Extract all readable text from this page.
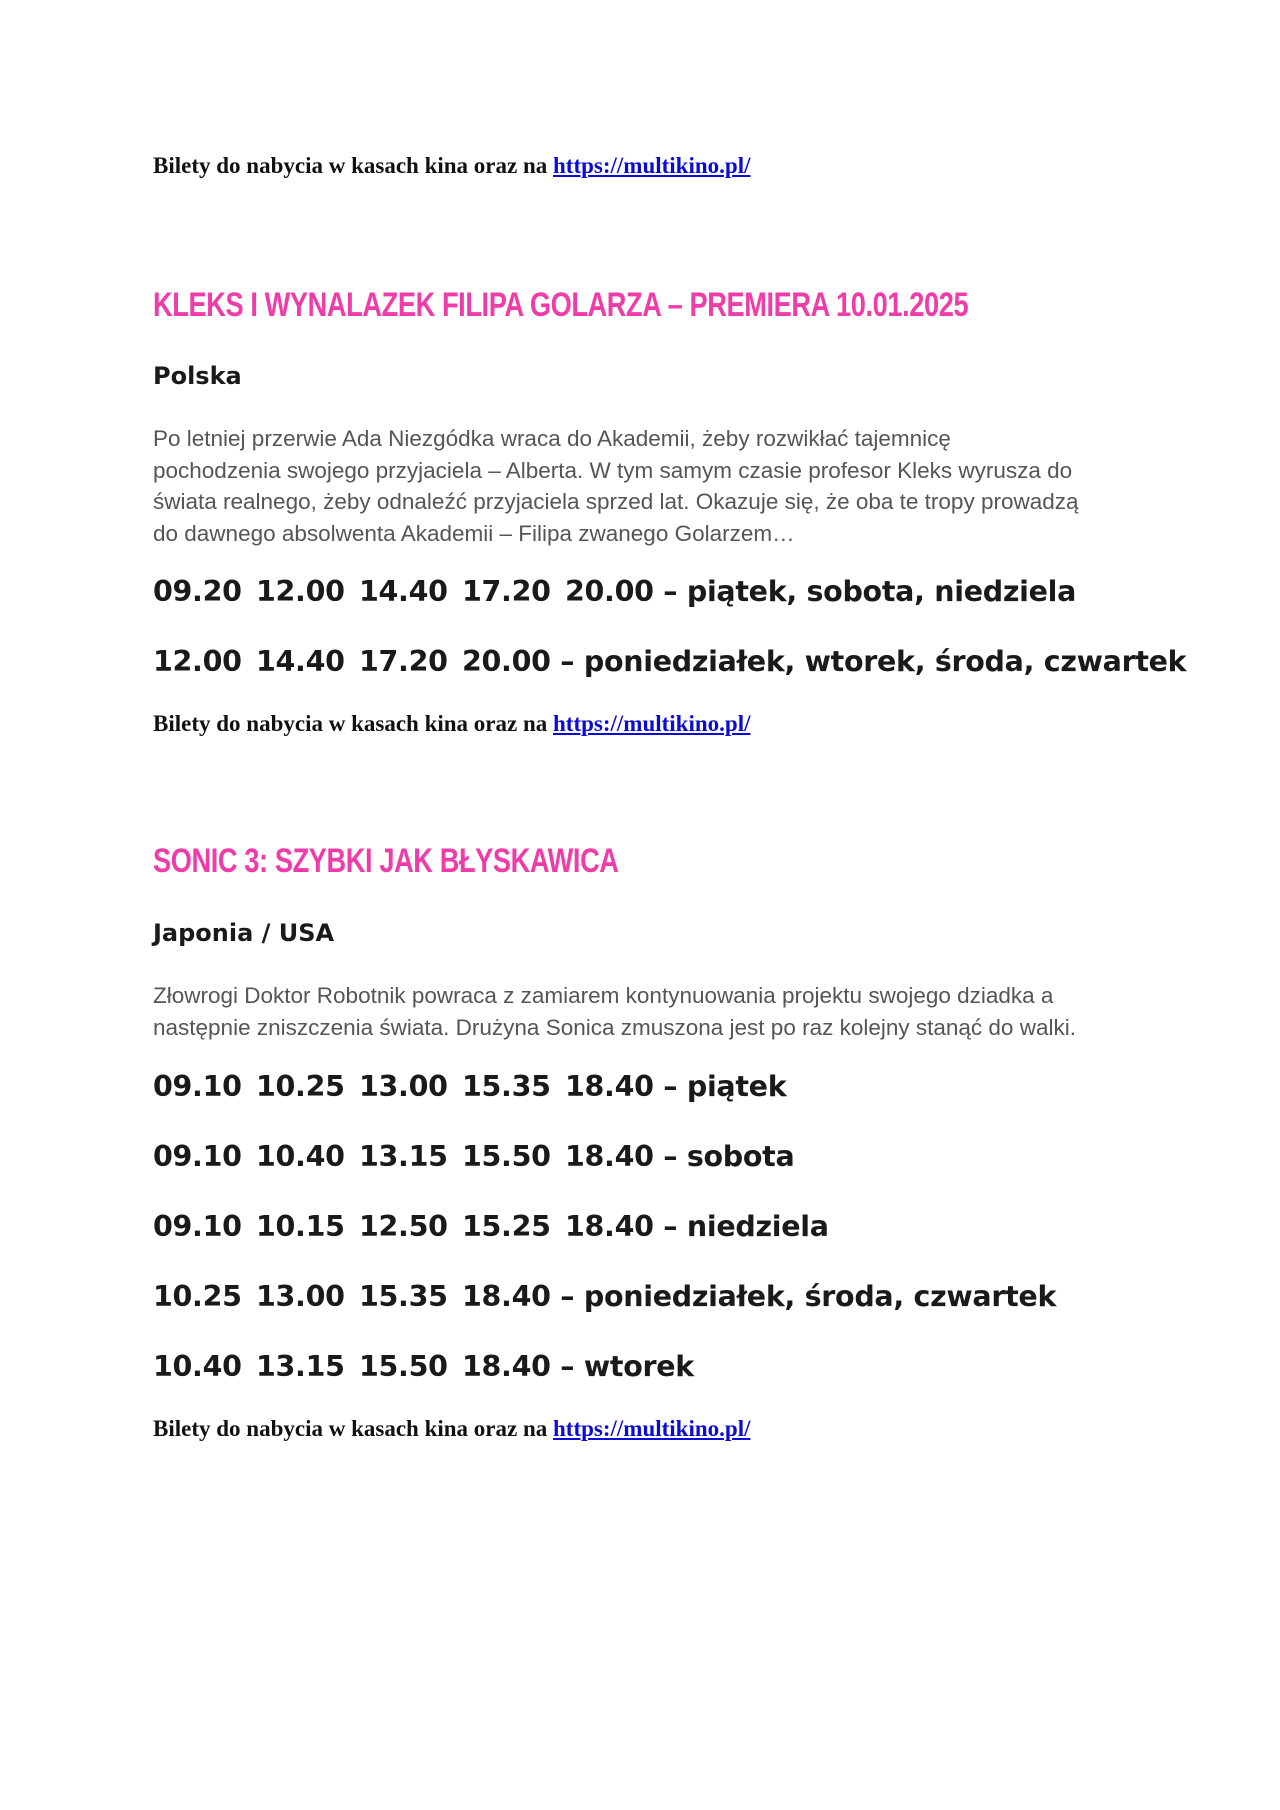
Bilety do nabycia w kasach kina oraz na https://multikino.pl/
KLEKS I WYNALAZEK FILIPA GOLARZA – PREMIERA 10.01.2025
Polska

Po letniej przerwie Ada Niezgódka wraca do Akademii, żeby rozwikłać tajemnicę

pochodzenia swojego przyjaciela – Alberta. W tym samym czasie profesor Kleks wyrusza do

świata realnego, żeby odnaleźć przyjaciela sprzed lat. Okazuje się, że oba te tropy prowadzą

do dawnego absolwenta Akademii – Filipa zwanego Golarzem…

09.20 12.00 14.40 17.20 20.00 – piątek, sobota, niedziela
12.00 14.40 17.20 20.00 – poniedziałek, wtorek, środa, czwartek
Bilety do nabycia w kasach kina oraz na https://multikino.pl/
SONIC 3: SZYBKI JAK BŁYSKAWICA
Japonia / USA

Złowrogi Doktor Robotnik powraca z zamiarem kontynuowania projektu swojego dziadka a

następnie zniszczenia świata. Drużyna Sonica zmuszona jest po raz kolejny stanąć do walki.

09.10 10.25 13.00 15.35 18.40 – piątek
09.10 10.40 13.15 15.50 18.40 – sobota
09.10 10.15 12.50 15.25 18.40 – niedziela
10.25 13.00 15.35 18.40 – poniedziałek, środa, czwartek
10.40 13.15 15.50 18.40 – wtorek
Bilety do nabycia w kasach kina oraz na https://multikino.pl/
